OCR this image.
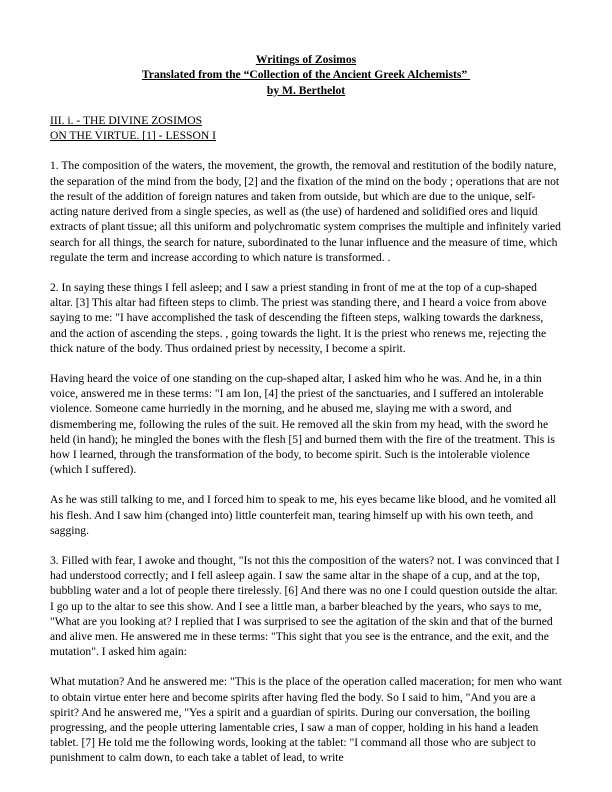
Writings of Zosimos
Translated from the “Collection of the Ancient Greek Alchemists”
by M. Berthelot
III. i. - THE DIVINE ZOSIMOS
ON THE VIRTUE. [1] - LESSON I

1. The composition of the waters, the movement, the growth, the removal and restitution of the bodily nature, the separation of the mind from the body, [2] and the fixation of the mind on the body ; operations that are not the result of the addition of foreign natures and taken from outside, but which are due to the unique, self-acting nature derived from a single species, as well as (the use) of hardened and solidified ores and liquid extracts of plant tissue; all this uniform and polychromatic system comprises the multiple and infinitely varied search for all things, the search for nature, subordinated to the lunar influence and the measure of time, which regulate the term and increase according to which nature is transformed. .

2. In saying these things I fell asleep; and I saw a priest standing in front of me at the top of a cup-shaped altar. [3] This altar had fifteen steps to climb. The priest was standing there, and I heard a voice from above saying to me: "I have accomplished the task of descending the fifteen steps, walking towards the darkness, and the action of ascending the steps. , going towards the light. It is the priest who renews me, rejecting the thick nature of the body. Thus ordained priest by necessity, I become a spirit.

Having heard the voice of one standing on the cup-shaped altar, I asked him who he was. And he, in a thin voice, answered me in these terms: "I am Ion, [4] the priest of the sanctuaries, and I suffered an intolerable violence. Someone came hurriedly in the morning, and he abused me, slaying me with a sword, and dismembering me, following the rules of the suit. He removed all the skin from my head, with the sword he held (in hand); he mingled the bones with the flesh [5] and burned them with the fire of the treatment. This is how I learned, through the transformation of the body, to become spirit. Such is the intolerable violence (which I suffered).

As he was still talking to me, and I forced him to speak to me, his eyes became like blood, and he vomited all his flesh. And I saw him (changed into) little counterfeit man, tearing himself up with his own teeth, and sagging.

3. Filled with fear, I awoke and thought, "Is not this the composition of the waters? not. I was convinced that I had understood correctly; and I fell asleep again. I saw the same altar in the shape of a cup, and at the top, bubbling water and a lot of people there tirelessly. [6] And there was no one I could question outside the altar. I go up to the altar to see this show. And I see a little man, a barber bleached by the years, who says to me, "What are you looking at? I replied that I was surprised to see the agitation of the skin and that of the burned and alive men. He answered me in these terms: "This sight that you see is the entrance, and the exit, and the mutation". I asked him again:

What mutation? And he answered me: "This is the place of the operation called maceration; for men who want to obtain virtue enter here and become spirits after having fled the body. So I said to him, "And you are a spirit? And he answered me, "Yes a spirit and a guardian of spirits. During our conversation, the boiling progressing, and the people uttering lamentable cries, I saw a man of copper, holding in his hand a leaden tablet. [7] He told me the following words, looking at the tablet: "I command all those who are subject to punishment to calm down, to each take a tablet of lead, to write
